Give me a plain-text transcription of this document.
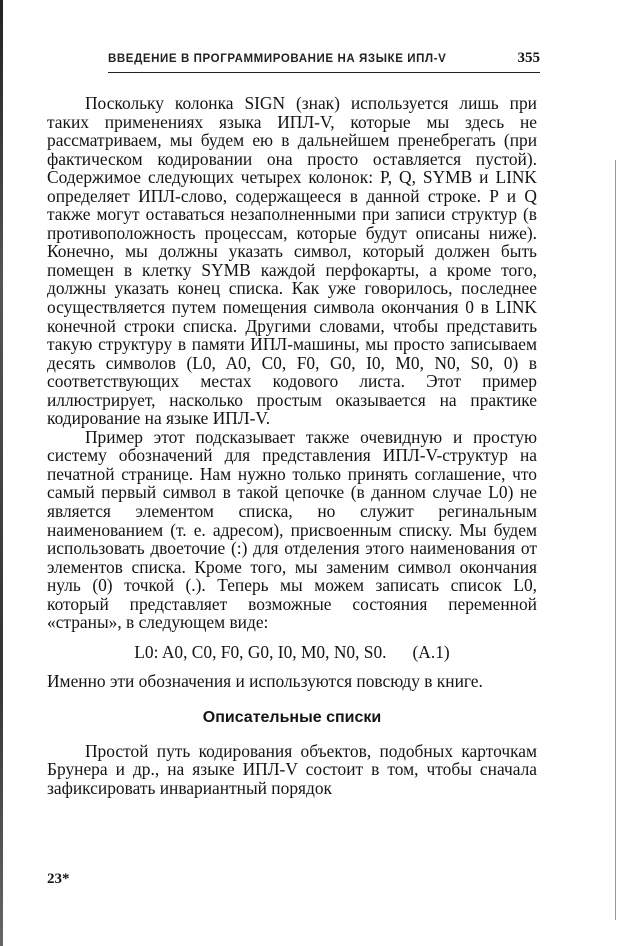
ВВЕДЕНИЕ В ПРОГРАММИРОВАНИЕ НА ЯЗЫКЕ ИПЛ-V	355

Поскольку колонка SIGN (знак) используется лишь при таких применениях языка ИПЛ-V, которые мы здесь не рассматриваем, мы будем ею в дальнейшем пренебрегать (при фактическом кодировании она просто оставляется пустой). Содержимое следующих четырех колонок: P, Q, SYMB и LINK определяет ИПЛ-слово, содержащееся в данной строке. P и Q также могут оставаться незаполненными при записи структур (в противоположность процессам, которые будут описаны ниже). Конечно, мы должны указать символ, который должен быть помещен в клетку SYMB каждой перфокарты, а кроме того, должны указать конец списка. Как уже говорилось, последнее осуществляется путем помещения символа окончания 0 в LINK конечной строки списка. Другими словами, чтобы представить такую структуру в памяти ИПЛ-машины, мы просто записываем десять символов (L0, A0, C0, F0, G0, I0, M0, N0, S0, 0) в соответствующих местах кодового листа. Этот пример иллюстрирует, насколько простым оказывается на практике кодирование на языке ИПЛ-V.

Пример этот подсказывает также очевидную и простую систему обозначений для представления ИПЛ-V-структур на печатной странице. Нам нужно только принять соглашение, что самый первый символ в такой цепочке (в данном случае L0) не является элементом списка, но служит регинальным наименованием (т. е. адресом), присвоенным списку. Мы будем использовать двоеточие (:) для отделения этого наименования от элементов списка. Кроме того, мы заменим символ окончания нуль (0) точкой (.). Теперь мы можем записать список L0, который представляет возможные состояния переменной «страны», в следующем виде:

L0: A0, C0, F0, G0, I0, M0, N0, S0. (A.1)

Именно эти обозначения и используются повсюду в книге.

Описательные списки

Простой путь кодирования объектов, подобных карточкам Брунера и др., на языке ИПЛ-V состоит в том, чтобы сначала зафиксировать инвариантный порядок

23*
